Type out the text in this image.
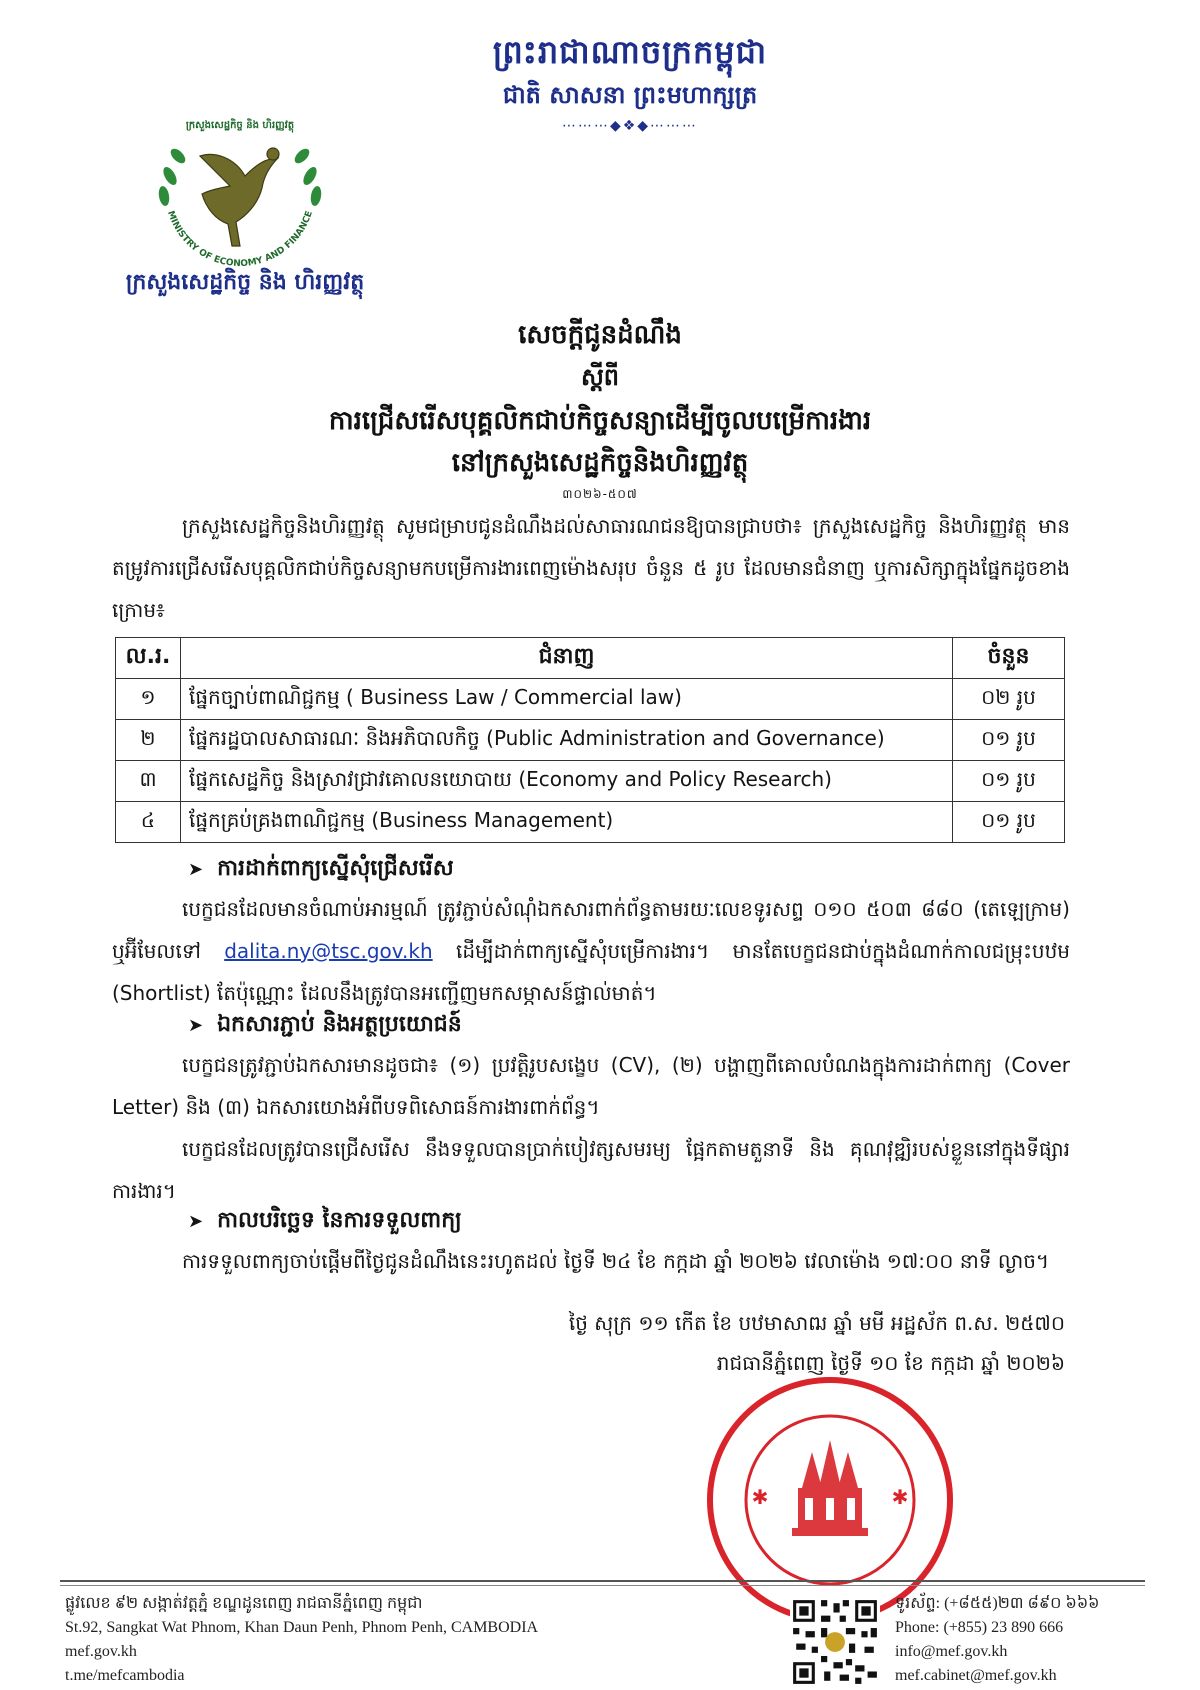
ព្រះរាជាណាចក្រកម្ពុជា
ជាតិ សាសនា ព្រះមហាក្សត្រ
⋯⋯⋯◆❖◆⋯⋯⋯
MINISTRY OF ECONOMY AND FINANCE
ក្រសួងសេដ្ឋកិច្ច និង ហិរញ្ញវត្ថុ
ក្រសួងសេដ្ឋកិច្ច និង ហិរញ្ញវត្ថុ
សេចក្តីជូនដំណឹង
ស្តីពី
ការជ្រើសរើសបុគ្គលិកជាប់កិច្ចសន្យាដើម្បីចូលបម្រើការងារ
នៅក្រសួងសេដ្ឋកិច្ចនិងហិរញ្ញវត្ថុ
៣០២៦-៥០៧
ក្រសួងសេដ្ឋកិច្ចនិងហិរញ្ញវត្ថុ សូមជម្រាបជូនដំណឹងដល់សាធារណជនឱ្យបានជ្រាបថា៖ ក្រសួងសេដ្ឋកិច្ច និងហិរញ្ញវត្ថុ មានតម្រូវការជ្រើសរើសបុគ្គលិកជាប់កិច្ចសន្យាមកបម្រើការងារពេញម៉ោងសរុប ចំនួន ៥ រូប ដែលមានជំនាញ ឬការសិក្សាក្នុងផ្នែកដូចខាងក្រោម៖
ល.រ.	ជំនាញ	ចំនួន
១	ផ្នែកច្បាប់ពាណិជ្ជកម្ម ( Business Law / Commercial law)	០២ រូប
២	ផ្នែករដ្ឋបាលសាធារណៈ និងអភិបាលកិច្ច (Public Administration and Governance)	០១ រូប
៣	ផ្នែកសេដ្ឋកិច្ច និងស្រាវជ្រាវគោលនយោបាយ (Economy and Policy Research)	០១ រូប
៤	ផ្នែកគ្រប់គ្រងពាណិជ្ជកម្ម (Business Management)	០១ រូប
➤ ការដាក់ពាក្យស្នើសុំជ្រើសរើស
បេក្ខជនដែលមានចំណាប់អារម្មណ៍ ត្រូវភ្ជាប់សំណុំឯកសារពាក់ព័ន្ធតាមរយៈលេខទូរសព្ទ ០១០ ៥០៣ ៨៨០ (តេឡេក្រាម) ឬអ៊ីមែលទៅ dalita.ny@tsc.gov.kh ដើម្បីដាក់ពាក្យស្នើសុំបម្រើការងារ។ មានតែបេក្ខជនជាប់ក្នុងដំណាក់កាលជម្រុះបឋម (Shortlist) តែប៉ុណ្ណោះ ដែលនឹងត្រូវបានអញ្ជើញមកសម្ភាសន៍ផ្ទាល់មាត់។
➤ ឯកសារភ្ជាប់ និងអត្ថប្រយោជន៍
បេក្ខជនត្រូវភ្ជាប់ឯកសារមានដូចជា៖ (១) ប្រវត្តិរូបសង្ខេប (CV), (២) បង្ហាញពីគោលបំណងក្នុងការដាក់ពាក្យ (Cover Letter) និង (៣) ឯកសារយោងអំពីបទពិសោធន៍ការងារពាក់ព័ន្ធ។
បេក្ខជនដែលត្រូវបានជ្រើសរើស នឹងទទួលបានប្រាក់បៀវត្សសមរម្យ ផ្អែកតាមតួនាទី និង គុណវុឌ្ឍិរបស់ខ្លួននៅក្នុងទីផ្សារការងារ។
➤ កាលបរិច្ឆេទ នៃការទទួលពាក្យ
ការទទួលពាក្យចាប់ផ្តើមពីថ្ងៃជូនដំណឹងនេះរហូតដល់ ថ្ងៃទី ២៤ ខែ កក្កដា ឆ្នាំ ២០២៦ វេលាម៉ោង ១៧:០០ នាទី ល្ងាច។
ថ្ងៃ សុក្រ ១១ កើត ខែ បឋមាសាឍ ឆ្នាំ មមី អដ្ឋស័ក ព.ស. ២៥៧០
រាជធានីភ្នំពេញ ថ្ងៃទី ១០ ខែ កក្កដា ឆ្នាំ ២០២៦
✱	✱
ផ្លូវលេខ ៩២ សង្កាត់វត្តភ្នំ ខណ្ឌដូនពេញ រាជធានីភ្នំពេញ កម្ពុជា
St.92, Sangkat Wat Phnom, Khan Daun Penh, Phnom Penh, CAMBODIA
mef.gov.kh
t.me/mefcambodia
ទូរស័ព្ទ: (+៨៥៥)២៣ ៨៩០ ៦៦៦
Phone: (+855) 23 890 666
info@mef.gov.kh
mef.cabinet@mef.gov.kh
